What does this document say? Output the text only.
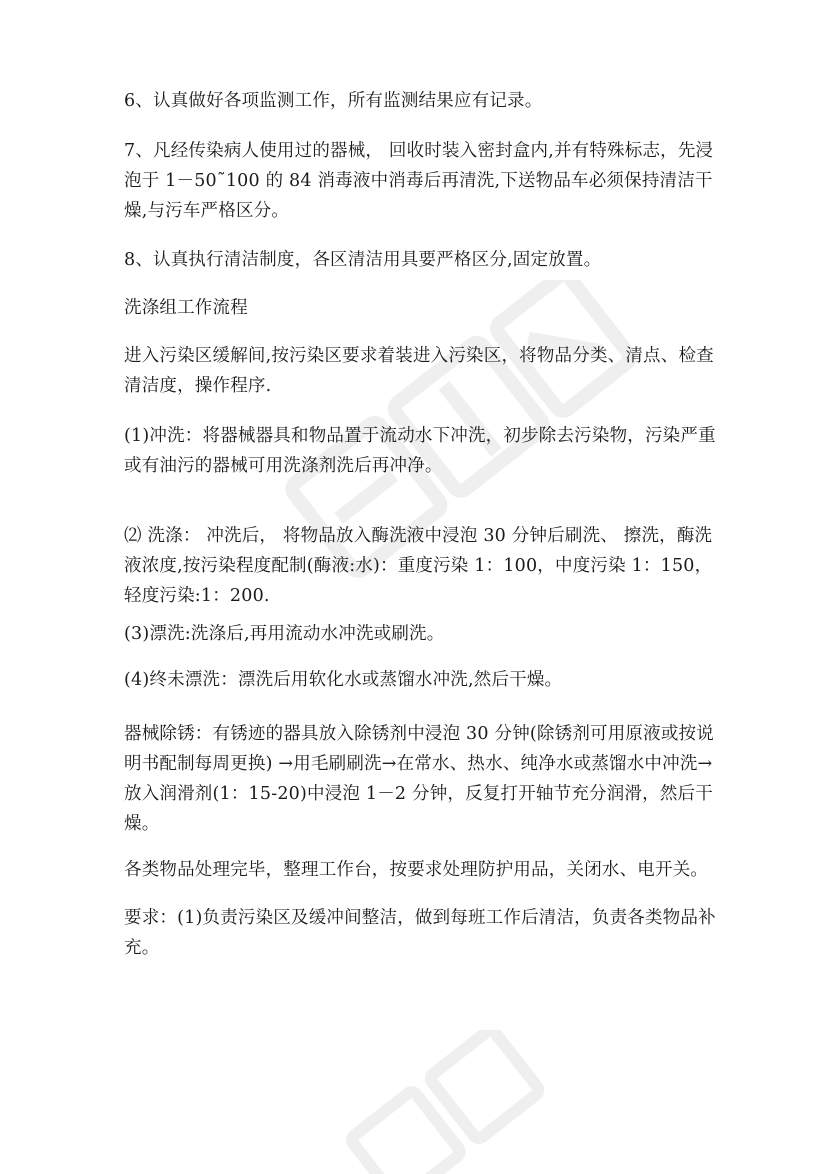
6、认真做好各项监测工作，所有监测结果应有记录。

7、凡经传染病人使用过的器械， 回收时装入密封盒内,并有特殊标志，先浸泡于 1－50˜100 的 84 消毒液中消毒后再清洗,下送物品车必须保持清洁干燥,与污车严格区分。

8、认真执行清洁制度，各区清洁用具要严格区分,固定放置。

洗涤组工作流程

进入污染区缓解间,按污染区要求着装进入污染区，将物品分类、清点、检查清洁度，操作程序.

(1)冲洗：将器械器具和物品置于流动水下冲洗，初步除去污染物，污染严重或有油污的器械可用洗涤剂洗后再冲净。

⑵ 洗涤： 冲洗后， 将物品放入酶洗液中浸泡 30 分钟后刷洗、 擦洗，酶洗液浓度,按污染程度配制(酶液:水)：重度污染 1：100，中度污染 1：150，轻度污染:1：200.

(3)漂洗:洗涤后,再用流动水冲洗或刷洗。

(4)终未漂洗：漂洗后用软化水或蒸馏水冲洗,然后干燥。

器械除锈：有锈迹的器具放入除锈剂中浸泡 30 分钟(除锈剂可用原液或按说明书配制每周更换) →用毛刷刷洗→在常水、热水、纯净水或蒸馏水中冲洗→放入润滑剂(1：15-20)中浸泡 1－2 分钟，反复打开轴节充分润滑，然后干燥。

各类物品处理完毕，整理工作台，按要求处理防护用品，关闭水、电开关。

要求：(1)负责污染区及缓冲间整洁，做到每班工作后清洁，负责各类物品补充。
